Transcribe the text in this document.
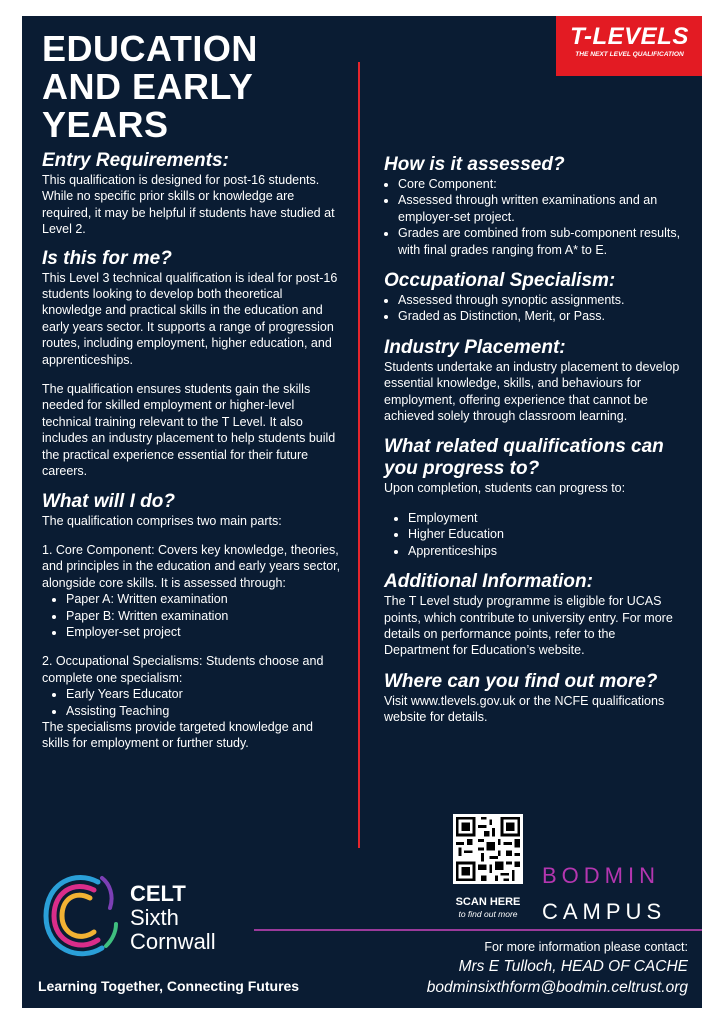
EDUCATION
AND EARLY
YEARS
T-LEVELS
THE NEXT LEVEL QUALIFICATION
Entry Requirements:

This qualification is designed for post-16 students. While no specific prior skills or knowledge are required, it may be helpful if students have studied at Level 2.

Is this for me?

This Level 3 technical qualification is ideal for post-16 students looking to develop both theoretical knowledge and practical skills in the education and early years sector. It supports a range of progression routes, including employment, higher education, and apprenticeships.

The qualification ensures students gain the skills needed for skilled employment or higher-level technical training relevant to the T Level. It also includes an industry placement to help students build the practical experience essential for their future careers.

What will I do?

The qualification comprises two main parts:

1. Core Component: Covers key knowledge, theories, and principles in the education and early years sector, alongside core skills. It is assessed through:

• Paper A: Written examination
• Paper B: Written examination
• Employer-set project

2. Occupational Specialisms: Students choose and complete one specialism:

• Early Years Educator
• Assisting Teaching

The specialisms provide targeted knowledge and skills for employment or further study.

How is it assessed?
• Core Component:
• Assessed through written examinations and an employer-set project.
• Grades are combined from sub-component results, with final grades ranging from A* to E.
Occupational Specialism:
• Assessed through synoptic assignments.
• Graded as Distinction, Merit, or Pass.
Industry Placement:

Students undertake an industry placement to develop essential knowledge, skills, and behaviours for employment, offering experience that cannot be achieved solely through classroom learning.

What related qualifications can you progress to?

Upon completion, students can progress to:

• Employment
• Higher Education
• Apprenticeships
Additional Information:

The T Level study programme is eligible for UCAS points, which contribute to university entry. For more details on performance points, refer to the Department for Education’s website.

Where can you find out more?

Visit www.tlevels.gov.uk or the NCFE qualifications website for details.

SCAN HERE
to find out more
BODMIN
CAMPUS
CELT
Sixth
Cornwall
Learning Together, Connecting Futures
For more information please contact:
Mrs E Tulloch, HEAD OF CACHE
bodminsixthform@bodmin.celtrust.org
